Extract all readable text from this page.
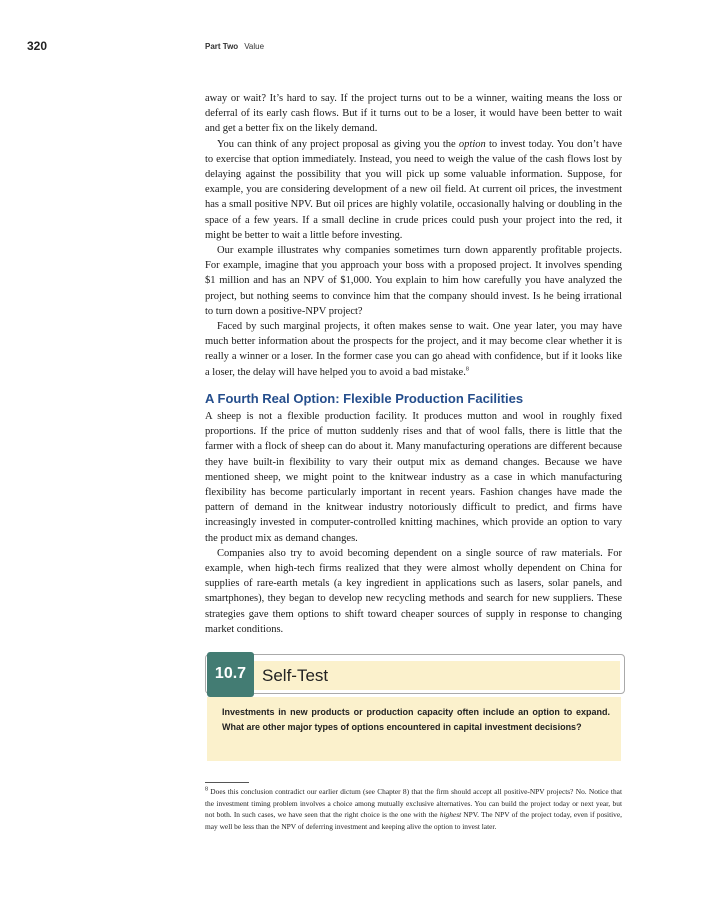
320	Part Two Value

away or wait? It’s hard to say. If the project turns out to be a winner, waiting means the loss or deferral of its early cash flows. But if it turns out to be a loser, it would have been better to wait and get a better fix on the likely demand.

You can think of any project proposal as giving you the option to invest today. You don’t have to exercise that option immediately. Instead, you need to weigh the value of the cash flows lost by delaying against the possibility that you will pick up some valuable information. Suppose, for example, you are considering development of a new oil field. At current oil prices, the investment has a small positive NPV. But oil prices are highly volatile, occasionally halving or doubling in the space of a few years. If a small decline in crude prices could push your project into the red, it might be better to wait a little before investing.

Our example illustrates why companies sometimes turn down apparently profitable projects. For example, imagine that you approach your boss with a proposed project. It involves spending $1 million and has an NPV of $1,000. You explain to him how carefully you have analyzed the project, but nothing seems to convince him that the company should invest. Is he being irrational to turn down a positive-NPV project?

Faced by such marginal projects, it often makes sense to wait. One year later, you may have much better information about the prospects for the project, and it may become clear whether it is really a winner or a loser. In the former case you can go ahead with confidence, but if it looks like a loser, the delay will have helped you to avoid a bad mistake.$^8$

A Fourth Real Option: Flexible Production Facilities

A sheep is not a flexible production facility. It produces mutton and wool in roughly fixed proportions. If the price of mutton suddenly rises and that of wool falls, there is little that the farmer with a flock of sheep can do about it. Many manufacturing operations are different because they have built-in flexibility to vary their output mix as demand changes. Because we have mentioned sheep, we might point to the knitwear industry as a case in which manufacturing flexibility has become particularly important in recent years. Fashion changes have made the pattern of demand in the knitwear industry notoriously difficult to predict, and firms have increasingly invested in computer-controlled knitting machines, which provide an option to vary the product mix as demand changes.

Companies also try to avoid becoming dependent on a single source of raw materials. For example, when high-tech firms realized that they were almost wholly dependent on China for supplies of rare-earth metals (a key ingredient in applications such as lasers, solar panels, and smartphones), they began to develop new recycling methods and search for new suppliers. These strategies gave them options to shift toward cheaper sources of supply in response to changing market conditions.

10.7 Self-Test
Investments in new products or production capacity often include an option to expand. What are other major types of options encountered in capital investment decisions?
$^8$ Does this conclusion contradict our earlier dictum (see Chapter 8) that the firm should accept all positive-NPV projects? No. Notice that the investment timing problem involves a choice among mutually exclusive alternatives. You can build the project today or next year, but not both. In such cases, we have seen that the right choice is the one with the highest NPV. The NPV of the project today, even if positive, may well be less than the NPV of deferring investment and keeping alive the option to invest later.
